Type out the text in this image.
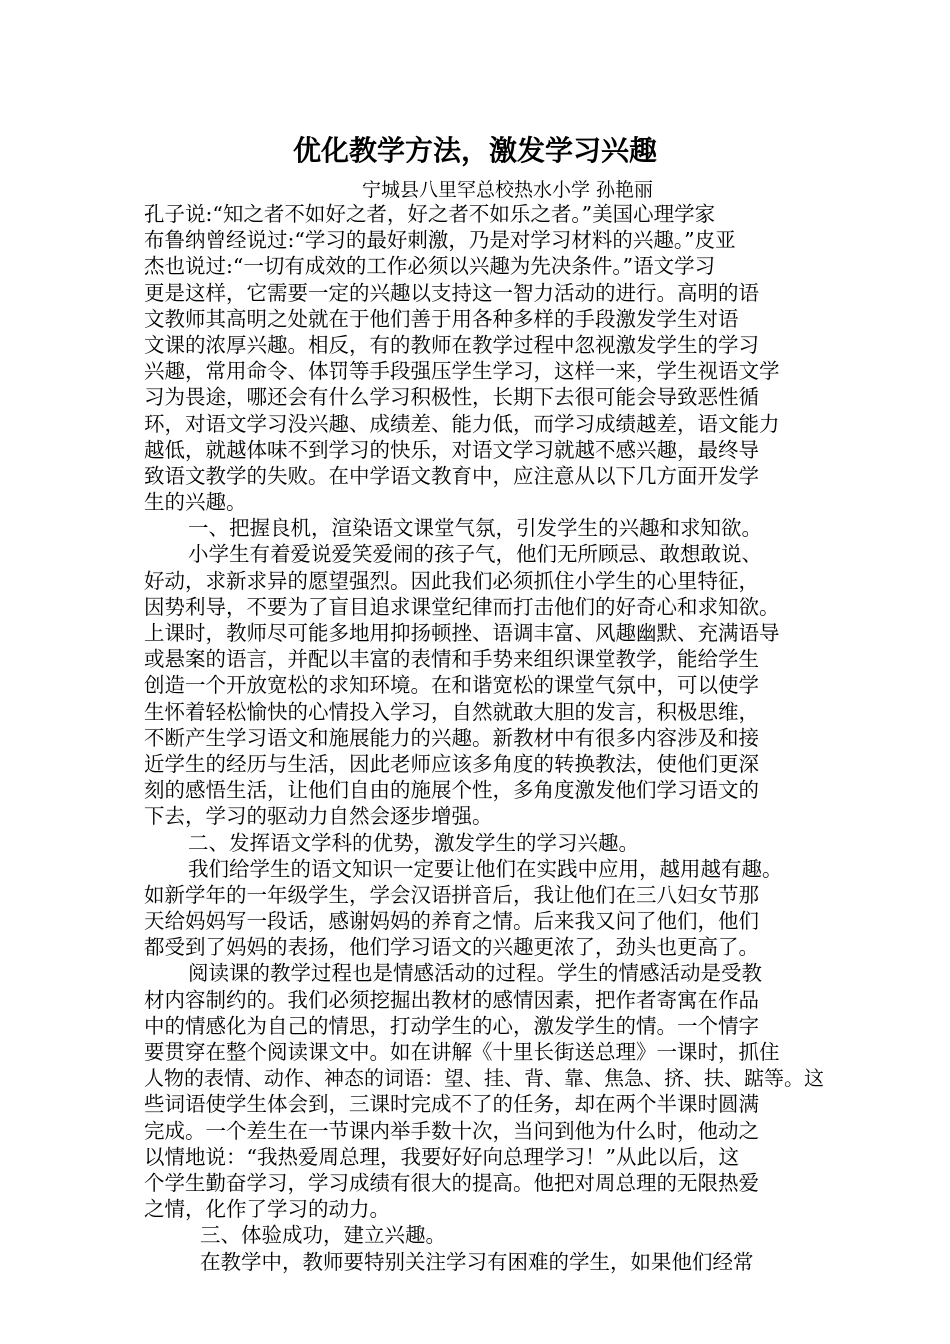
优化教学方法，激发学习兴趣
宁城县八里罕总校热水小学 孙艳丽
孔子说:“知之者不如好之者，好之者不如乐之者。”美国心理学家
布鲁纳曾经说过:“学习的最好刺激，乃是对学习材料的兴趣。”皮亚
杰也说过:“一切有成效的工作必须以兴趣为先决条件。”语文学习
更是这样，它需要一定的兴趣以支持这一智力活动的进行。高明的语
文教师其高明之处就在于他们善于用各种多样的手段激发学生对语
文课的浓厚兴趣。相反，有的教师在教学过程中忽视激发学生的学习
兴趣，常用命令、体罚等手段强压学生学习，这样一来，学生视语文学
习为畏途，哪还会有什么学习积极性，长期下去很可能会导致恶性循
环，对语文学习没兴趣、成绩差、能力低，而学习成绩越差，语文能力
越低，就越体味不到学习的快乐，对语文学习就越不感兴趣，最终导
致语文教学的失败。在中学语文教育中，应注意从以下几方面开发学
生的兴趣。
一、把握良机，渲染语文课堂气氛，引发学生的兴趣和求知欲。
小学生有着爱说爱笑爱闹的孩子气，他们无所顾忌、敢想敢说、
好动，求新求异的愿望强烈。因此我们必须抓住小学生的心里特征，
因势利导，不要为了盲目追求课堂纪律而打击他们的好奇心和求知欲。
上课时，教师尽可能多地用抑扬顿挫、语调丰富、风趣幽默、充满语导
或悬案的语言，并配以丰富的表情和手势来组织课堂教学，能给学生
创造一个开放宽松的求知环境。在和谐宽松的课堂气氛中，可以使学
生怀着轻松愉快的心情投入学习，自然就敢大胆的发言，积极思维，
不断产生学习语文和施展能力的兴趣。新教材中有很多内容涉及和接
近学生的经历与生活，因此老师应该多角度的转换教法，使他们更深
刻的感悟生活，让他们自由的施展个性，多角度激发他们学习语文的
下去，学习的驱动力自然会逐步增强。
二、发挥语文学科的优势，激发学生的学习兴趣。
我们给学生的语文知识一定要让他们在实践中应用，越用越有趣。
如新学年的一年级学生，学会汉语拼音后，我让他们在三八妇女节那
天给妈妈写一段话，感谢妈妈的养育之情。后来我又问了他们，他们
都受到了妈妈的表扬，他们学习语文的兴趣更浓了，劲头也更高了。
阅读课的教学过程也是情感活动的过程。学生的情感活动是受教
材内容制约的。我们必须挖掘出教材的感情因素，把作者寄寓在作品
中的情感化为自己的情思，打动学生的心，激发学生的情。一个情字
要贯穿在整个阅读课文中。如在讲解《十里长街送总理》一课时，抓住
人物的表情、动作、神态的词语：望、挂、背、靠、焦急、挤、扶、踮等。这
些词语使学生体会到，三课时完成不了的任务，却在两个半课时圆满
完成。一个差生在一节课内举手数十次，当问到他为什么时，他动之
以情地说：“我热爱周总理，我要好好向总理学习！”从此以后，这
个学生勤奋学习，学习成绩有很大的提高。他把对周总理的无限热爱
之情，化作了学习的动力。
三、体验成功，建立兴趣。
在教学中，教师要特别关注学习有困难的学生，如果他们经常
